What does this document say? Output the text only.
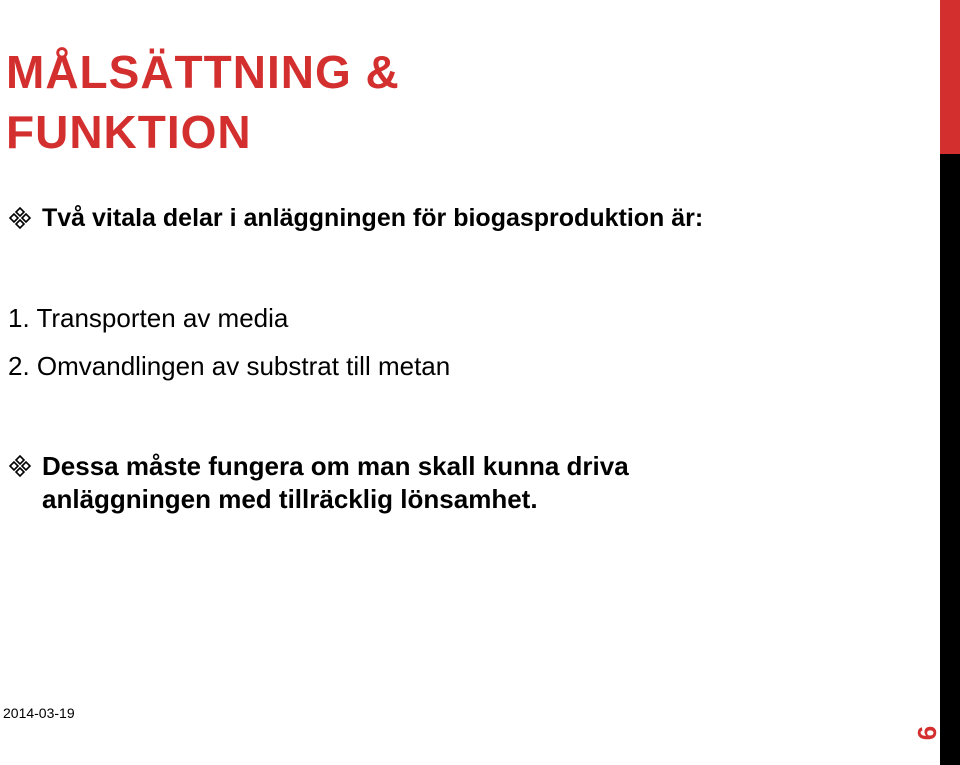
MÅLSÄTTNING &
FUNKTION
Två vitala delar i anläggningen för biogasproduktion är:
1. Transporten av media
2. Omvandlingen av substrat till metan
Dessa måste fungera om man skall kunna driva
anläggningen med tillräcklig lönsamhet.
2014-03-19
6
